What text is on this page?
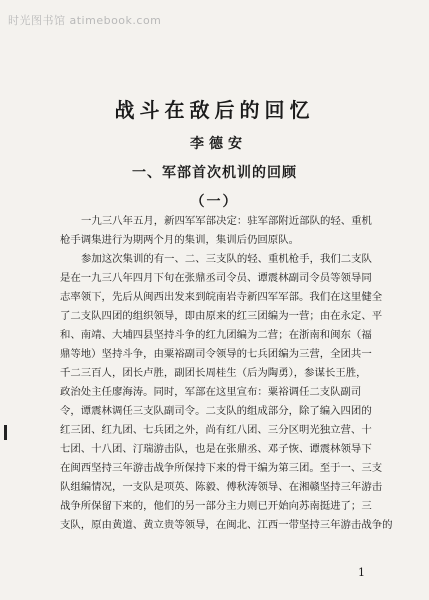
时光图书馆 atimebook.com
战斗在敌后的回忆
李德安
一、军部首次机训的回顾
（一）
一九三八年五月，新四军军部决定：驻军部附近部队的轻、重机
枪手调集进行为期两个月的集训，集训后仍回原队。
参加这次集训的有一、二、三支队的轻、重机枪手，我们二支队
是在一九三八年四月下旬在张鼎丞司令员、谭震林副司令员等领导同
志率领下，先后从闽西出发来到皖南岩寺新四军军部。我们在这里健全
了二支队四团的组织领导，即由原来的红三团编为一营；由在永定、平
和、南靖、大埔四县坚持斗争的红九团编为二营；在浙南和闽东（福
鼎等地）坚持斗争，由粟裕副司令领导的七兵团编为三营，全团共一
千二三百人，团长卢胜，副团长周桂生（后为陶勇），参谋长王胜，
政治处主任廖海涛。同时，军部在这里宣布：粟裕调任二支队副司
令，谭震林调任三支队副司令。二支队的组成部分，除了编入四团的
红三团、红九团、七兵团之外，尚有红八团、三分区明光独立营、十
七团、十八团、汀瑞游击队，也是在张鼎丞、邓子恢、谭震林领导下
在闽西坚持三年游击战争所保持下来的骨干编为第三团。至于一、三支
队组编情况，一支队是项英、陈毅、傅秋涛领导、在湘赣坚持三年游击
战争所保留下来的，他们的另一部分主力则已开始向苏南挺进了；三
支队，原由黄道、黄立贵等领导，在闽北、江西一带坚持三年游击战争的
1
